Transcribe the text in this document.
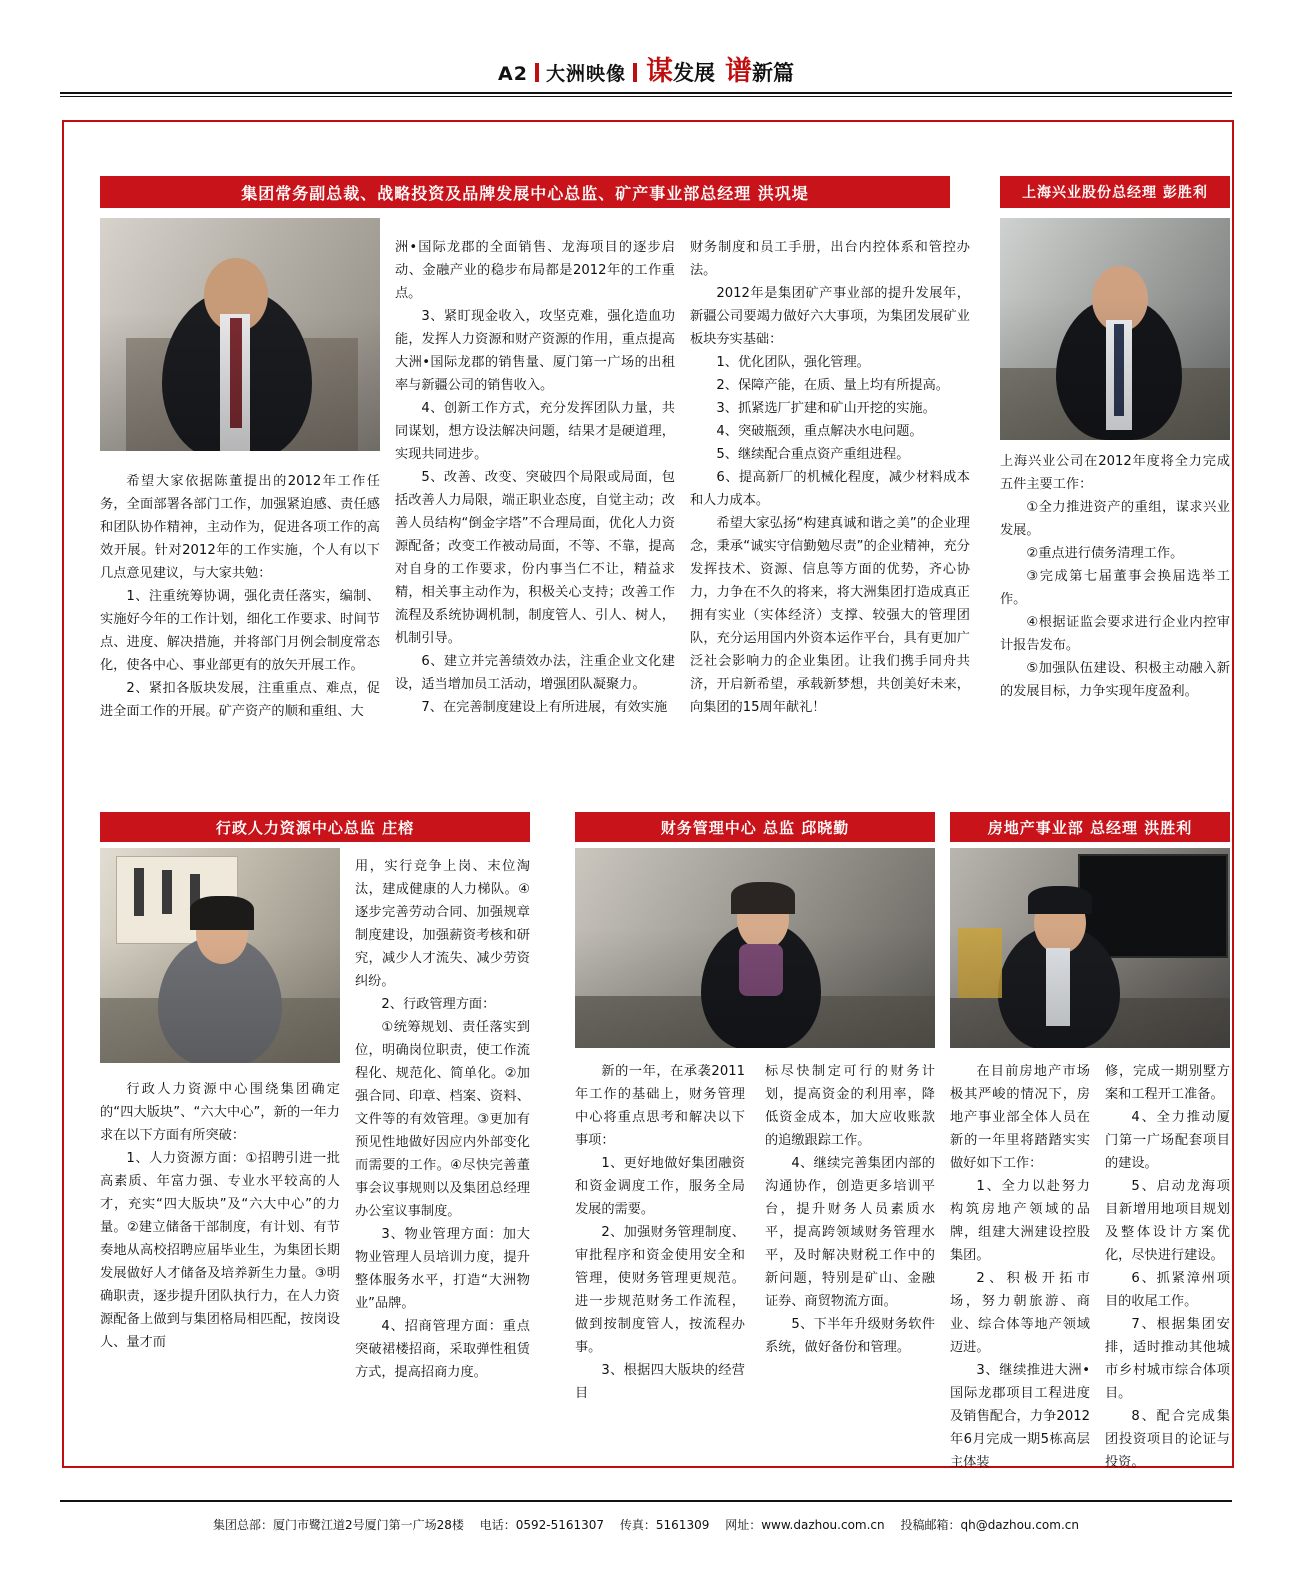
A2 大洲映像 谋 发展 谱 新篇
集团常务副总裁、战略投资及品牌发展中心总监、矿产事业部总经理 洪巩堤

希望大家依据陈董提出的2012年工作任务，全面部署各部门工作，加强紧迫感、责任感和团队协作精神，主动作为，促进各项工作的高效开展。针对2012年的工作实施，个人有以下几点意见建议，与大家共勉：

1、注重统筹协调，强化责任落实，编制、实施好今年的工作计划，细化工作要求、时间节点、进度、解决措施，并将部门月例会制度常态化，使各中心、事业部更有的放矢开展工作。

2、紧扣各版块发展，注重重点、难点，促进全面工作的开展。矿产资产的顺和重组、大

洲•国际龙郡的全面销售、龙海项目的逐步启动、金融产业的稳步布局都是2012年的工作重点。

3、紧盯现金收入，攻坚克难，强化造血功能，发挥人力资源和财产资源的作用，重点提高大洲•国际龙郡的销售量、厦门第一广场的出租率与新疆公司的销售收入。

4、创新工作方式，充分发挥团队力量，共同谋划，想方设法解决问题，结果才是硬道理，实现共同进步。

5、改善、改变、突破四个局限或局面，包括改善人力局限，端正职业态度，自觉主动；改善人员结构“倒金字塔”不合理局面，优化人力资源配备；改变工作被动局面，不等、不靠，提高对自身的工作要求，份内事当仁不让，精益求精，相关事主动作为，积极关心支持；改善工作流程及系统协调机制，制度管人、引人、树人，机制引导。

6、建立并完善绩效办法，注重企业文化建设，适当增加员工活动，增强团队凝聚力。

7、在完善制度建设上有所进展，有效实施

财务制度和员工手册，出台内控体系和管控办法。

2012年是集团矿产事业部的提升发展年，新疆公司要竭力做好六大事项，为集团发展矿业板块夯实基础：

1、优化团队，强化管理。

2、保障产能，在质、量上均有所提高。

3、抓紧选厂扩建和矿山开挖的实施。

4、突破瓶颈，重点解决水电问题。

5、继续配合重点资产重组进程。

6、提高新厂的机械化程度，减少材料成本和人力成本。

希望大家弘扬“构建真诚和谐之美”的企业理念，秉承“诚实守信勤勉尽责”的企业精神，充分发挥技术、资源、信息等方面的优势，齐心协力，力争在不久的将来，将大洲集团打造成真正拥有实业（实体经济）支撑、较强大的管理团队，充分运用国内外资本运作平台，具有更加广泛社会影响力的企业集团。让我们携手同舟共济，开启新希望，承载新梦想，共创美好未来，向集团的15周年献礼！

上海兴业股份总经理 彭胜利

上海兴业公司在2012年度将全力完成五件主要工作：

①全力推进资产的重组，谋求兴业发展。

②重点进行债务清理工作。

③完成第七届董事会换届选举工作。

④根据证监会要求进行企业内控审计报告发布。

⑤加强队伍建设、积极主动融入新的发展目标，力争实现年度盈利。

行政人力资源中心总监 庄榕

行政人力资源中心围绕集团确定的“四大版块”、“六大中心”，新的一年力求在以下方面有所突破：

1、人力资源方面：①招聘引进一批高素质、年富力强、专业水平较高的人才，充实“四大版块”及“六大中心”的力量。②建立储备干部制度，有计划、有节奏地从高校招聘应届毕业生，为集团长期发展做好人才储备及培养新生力量。③明确职责，逐步提升团队执行力，在人力资源配备上做到与集团格局相匹配，按岗设人、量才而

用，实行竞争上岗、末位淘汰，建成健康的人力梯队。④逐步完善劳动合同、加强规章制度建设，加强薪资考核和研究，减少人才流失、减少劳资纠纷。

2、行政管理方面：

①统筹规划、责任落实到位，明确岗位职责，使工作流程化、规范化、简单化。②加强合同、印章、档案、资料、文件等的有效管理。③更加有预见性地做好因应内外部变化而需要的工作。④尽快完善董事会议事规则以及集团总经理办公室议事制度。

3、物业管理方面：加大物业管理人员培训力度，提升整体服务水平，打造“大洲物业”品牌。

4、招商管理方面：重点突破裙楼招商，采取弹性租赁方式，提高招商力度。

财务管理中心 总监 邱晓勤

新的一年，在承袭2011年工作的基础上，财务管理中心将重点思考和解决以下事项：

1、更好地做好集团融资和资金调度工作，服务全局发展的需要。

2、加强财务管理制度、审批程序和资金使用安全和管理，使财务管理更规范。进一步规范财务工作流程，做到按制度管人，按流程办事。

3、根据四大版块的经营目

标尽快制定可行的财务计划，提高资金的利用率，降低资金成本，加大应收账款的追缴跟踪工作。

4、继续完善集团内部的沟通协作，创造更多培训平台，提升财务人员素质水平，提高跨领域财务管理水平，及时解决财税工作中的新问题，特别是矿山、金融证券、商贸物流方面。

5、下半年升级财务软件系统，做好备份和管理。

房地产事业部 总经理 洪胜利

在目前房地产市场极其严峻的情况下，房地产事业部全体人员在新的一年里将踏踏实实做好如下工作：

1、全力以赴努力构筑房地产领域的品牌，组建大洲建设控股集团。

2、积极开拓市场，努力朝旅游、商业、综合体等地产领域迈进。

3、继续推进大洲•国际龙郡项目工程进度及销售配合，力争2012年6月完成一期5栋高层主体装

修，完成一期别墅方案和工程开工准备。

4、全力推动厦门第一广场配套项目的建设。

5、启动龙海项目新增用地项目规划及整体设计方案优化，尽快进行建设。

6、抓紧漳州项目的收尾工作。

7、根据集团安排，适时推动其他城市乡村城市综合体项目。

8、配合完成集团投资项目的论证与投资。

集团总部：厦门市鹭江道2号厦门第一广场28楼 电话：0592-5161307 传真：5161309 网址：www.dazhou.com.cn 投稿邮箱：qh@dazhou.com.cn
